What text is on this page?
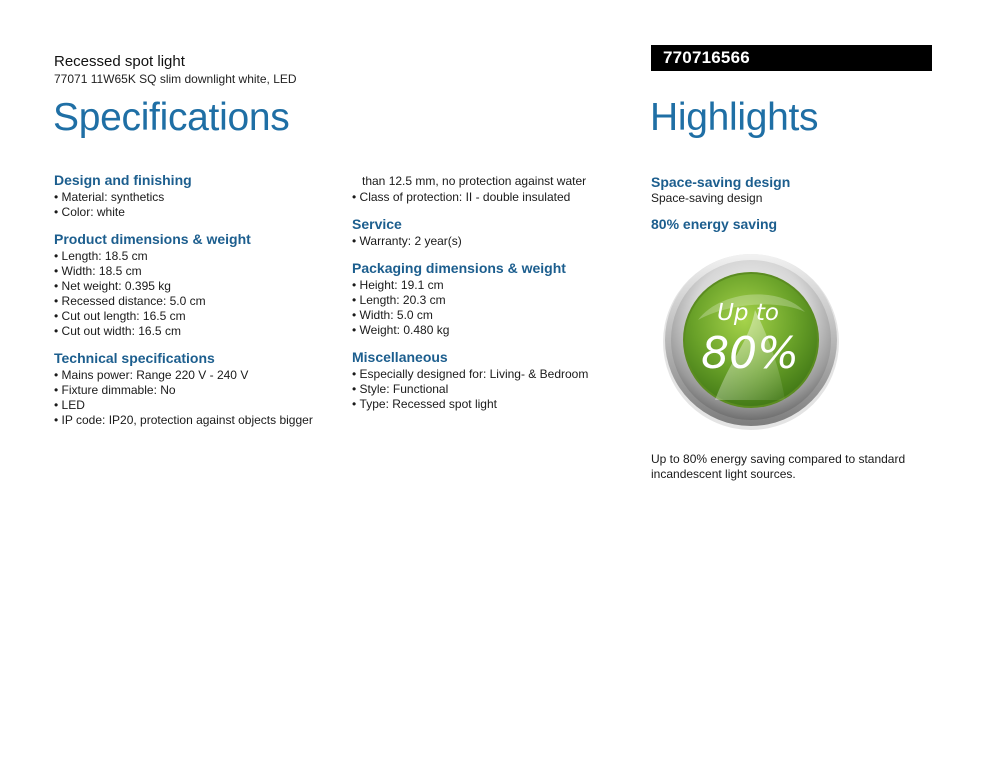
Recessed spot light
77071 11W65K SQ slim downlight white, LED
Specifications
770716566
Highlights
Design and finishing
• Material: synthetics
• Color: white
Product dimensions & weight
• Length: 18.5 cm
• Width: 18.5 cm
• Net weight: 0.395 kg
• Recessed distance: 5.0 cm
• Cut out length: 16.5 cm
• Cut out width: 16.5 cm
Technical specifications
• Mains power: Range 220 V - 240 V
• Fixture dimmable: No
• LED
• IP code: IP20, protection against objects bigger
than 12.5 mm, no protection against water
• Class of protection: II - double insulated
Service
• Warranty: 2 year(s)
Packaging dimensions & weight
• Height: 19.1 cm
• Length: 20.3 cm
• Width: 5.0 cm
• Weight: 0.480 kg
Miscellaneous
• Especially designed for: Living- & Bedroom
• Style: Functional
• Type: Recessed spot light
Space-saving design
Space-saving design
80% energy saving
Up to
80%
Up to 80% energy saving compared to standard incandescent light sources.
